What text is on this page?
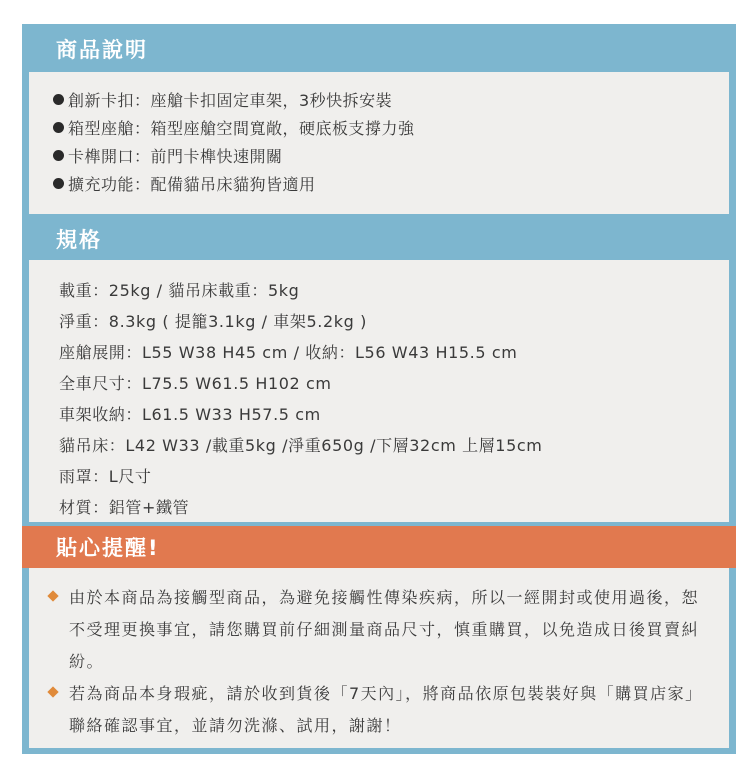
商品說明
創新卡扣：座艙卡扣固定車架，3秒快拆安裝
箱型座艙：箱型座艙空間寬敞，硬底板支撐力強
卡榫開口：前門卡榫快速開關
擴充功能：配備貓吊床貓狗皆適用
規格
載重：25kg / 貓吊床載重：5kg
淨重：8.3kg ( 提籠3.1kg / 車架5.2kg )
座艙展開：L55 W38 H45 cm / 收納：L56 W43 H15.5 cm
全車尺寸：L75.5 W61.5 H102 cm
車架收納：L61.5 W33 H57.5 cm
貓吊床：L42 W33 /載重5kg /淨重650g /下層32cm 上層15cm
雨罩：L尺寸
材質：鋁管+鐵管
貼心提醒!
由於本商品為接觸型商品，為避免接觸性傳染疾病，所以一經開封或使用過後，恕不受理更換事宜，請您購買前仔細測量商品尺寸，慎重購買，以免造成日後買賣糾紛。
若為商品本身瑕疵，請於收到貨後「7天內」，將商品依原包裝裝好與「購買店家」聯絡確認事宜，並請勿洗滌、試用，謝謝！
